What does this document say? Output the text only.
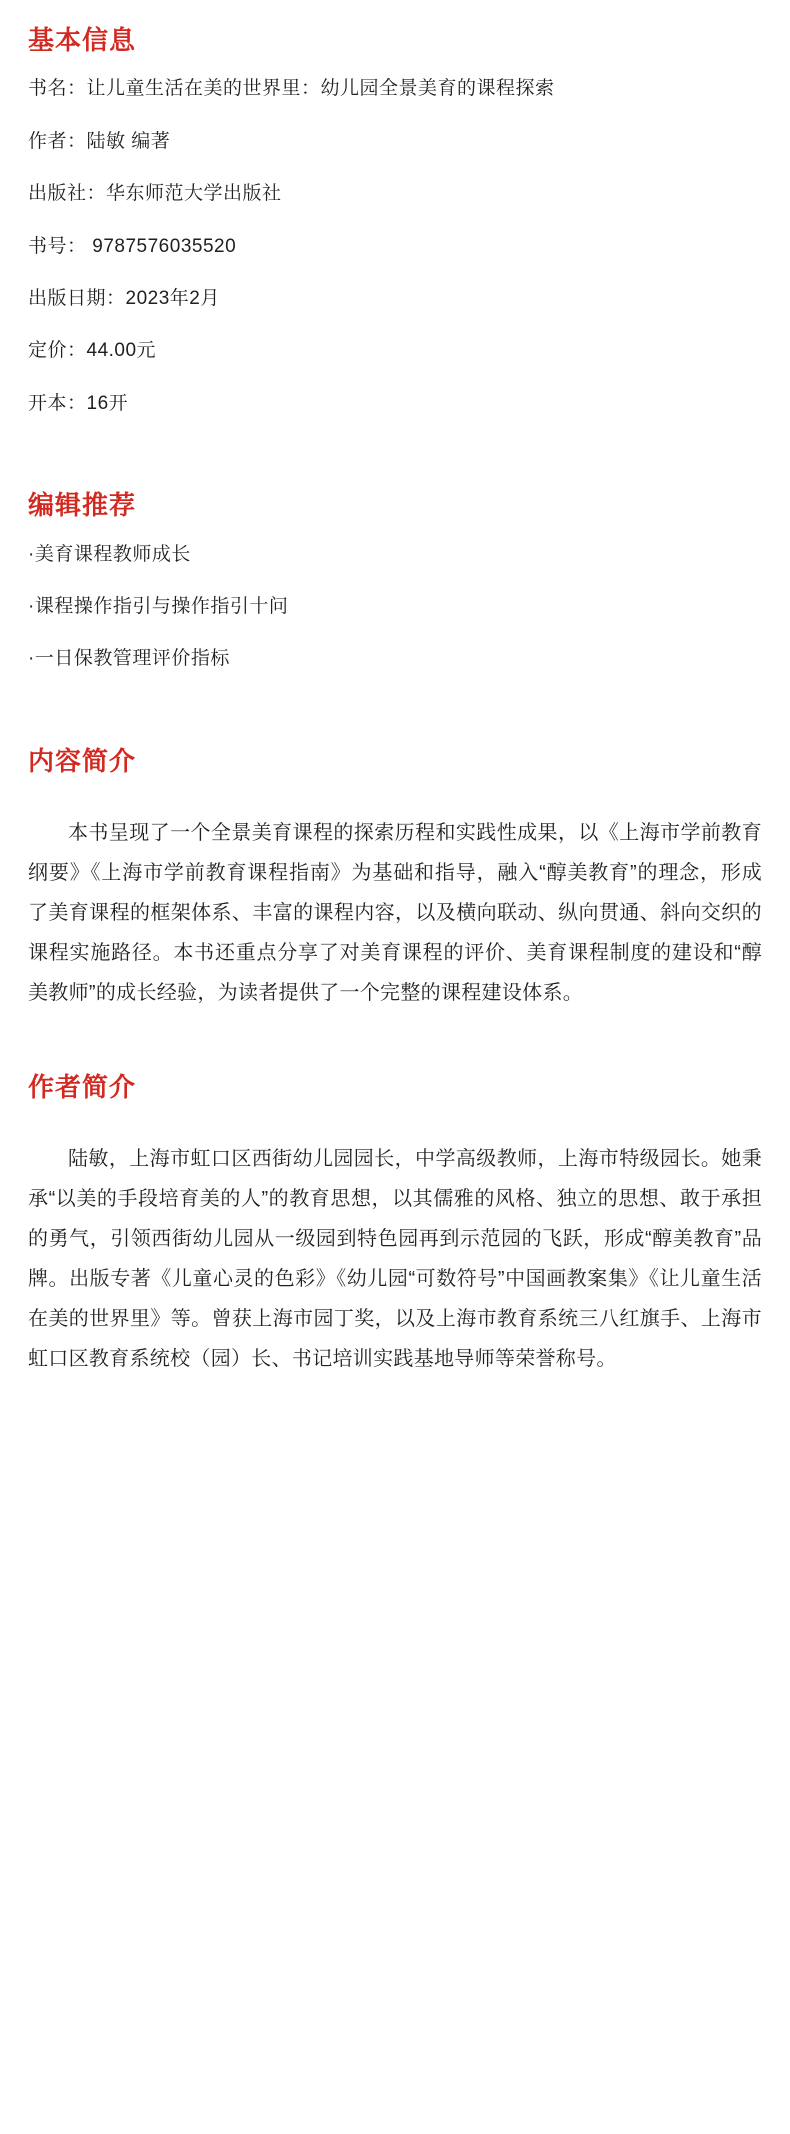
基本信息

书名：让儿童生活在美的世界里：幼儿园全景美育的课程探索

作者：陆敏 编著

出版社：华东师范大学出版社

书号： 9787576035520

出版日期：2023年2月

定价：44.00元

开本：16开

编辑推荐

·美育课程教师成长

·课程操作指引与操作指引十问

·一日保教管理评价指标

内容简介

本书呈现了一个全景美育课程的探索历程和实践性成果，以《上海市学前教育纲要》《上海市学前教育课程指南》为基础和指导，融入“醇美教育”的理念，形成了美育课程的框架体系、丰富的课程内容，以及横向联动、纵向贯通、斜向交织的课程实施路径。本书还重点分享了对美育课程的评价、美育课程制度的建设和“醇美教师”的成长经验，为读者提供了一个完整的课程建设体系。

作者简介

陆敏，上海市虹口区西街幼儿园园长，中学高级教师，上海市特级园长。她秉承“以美的手段培育美的人”的教育思想，以其儒雅的风格、独立的思想、敢于承担的勇气，引领西街幼儿园从一级园到特色园再到示范园的飞跃，形成“醇美教育”品牌。出版专著《儿童心灵的色彩》《幼儿园“可数符号”中国画教案集》《让儿童生活在美的世界里》等。曾获上海市园丁奖，以及上海市教育系统三八红旗手、上海市虹口区教育系统校（园）长、书记培训实践基地导师等荣誉称号。
